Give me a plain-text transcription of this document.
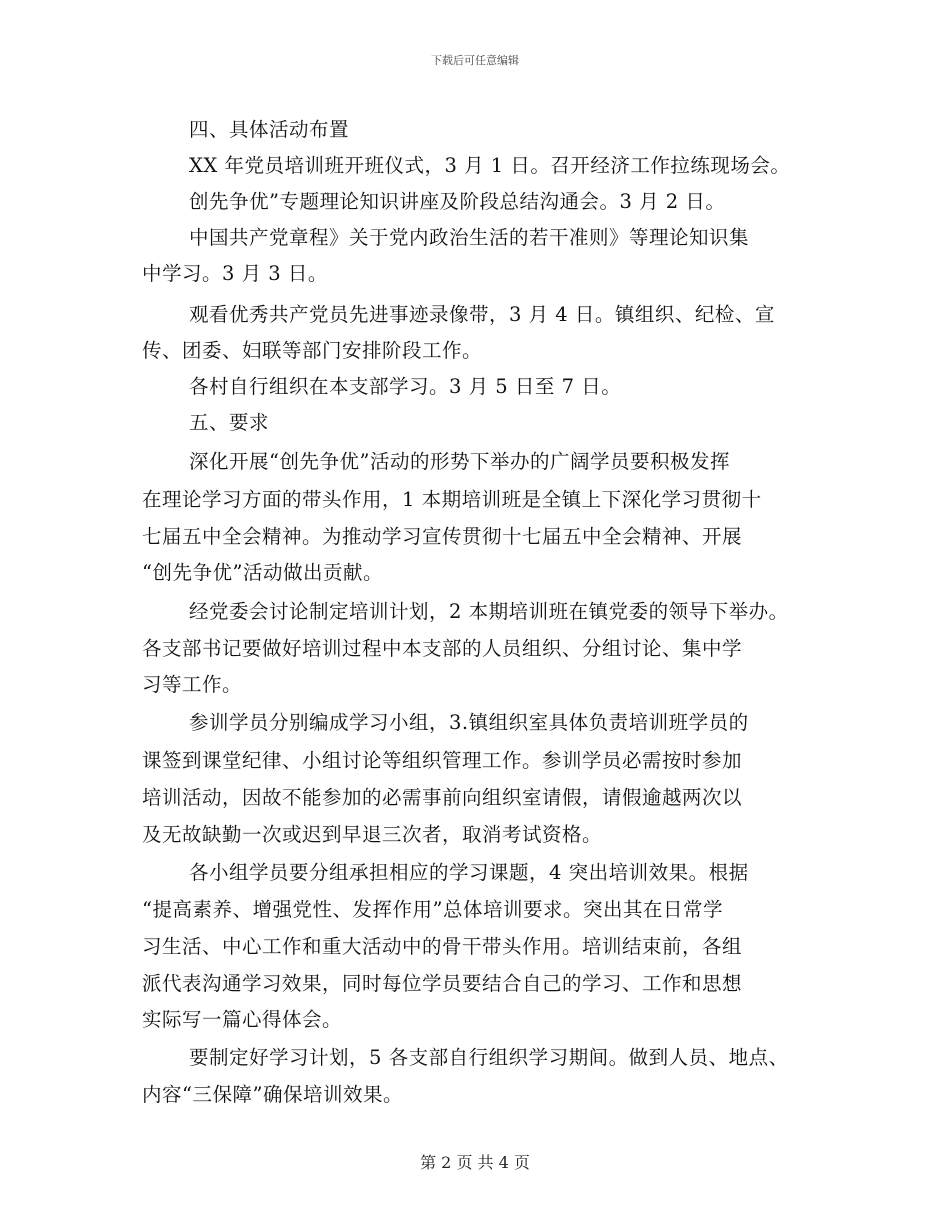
下载后可任意编辑
四、具体活动布置
XX 年党员培训班开班仪式，3 月 1 日。召开经济工作拉练现场会。
创先争优”专题理论知识讲座及阶段总结沟通会。3 月 2 日。
中国共产党章程》关于党内政治生活的若干准则》等理论知识集
中学习。3 月 3 日。
观看优秀共产党员先进事迹录像带，3 月 4 日。镇组织、纪检、宣
传、团委、妇联等部门安排阶段工作。
各村自行组织在本支部学习。3 月 5 日至 7 日。
五、要求
深化开展“创先争优”活动的形势下举办的广阔学员要积极发挥
在理论学习方面的带头作用，1 本期培训班是全镇上下深化学习贯彻十
七届五中全会精神。为推动学习宣传贯彻十七届五中全会精神、开展
“创先争优”活动做出贡献。
经党委会讨论制定培训计划，2 本期培训班在镇党委的领导下举办。
各支部书记要做好培训过程中本支部的人员组织、分组讨论、集中学
习等工作。
参训学员分别编成学习小组，3.镇组织室具体负责培训班学员的
课签到课堂纪律、小组讨论等组织管理工作。参训学员必需按时参加
培训活动，因故不能参加的必需事前向组织室请假，请假逾越两次以
及无故缺勤一次或迟到早退三次者，取消考试资格。
各小组学员要分组承担相应的学习课题，4 突出培训效果。根据
“提高素养、增强党性、发挥作用”总体培训要求。突出其在日常学
习生活、中心工作和重大活动中的骨干带头作用。培训结束前，各组
派代表沟通学习效果，同时每位学员要结合自己的学习、工作和思想
实际写一篇心得体会。
要制定好学习计划，5 各支部自行组织学习期间。做到人员、地点、
内容“三保障”确保培训效果。
第 2 页 共 4 页
